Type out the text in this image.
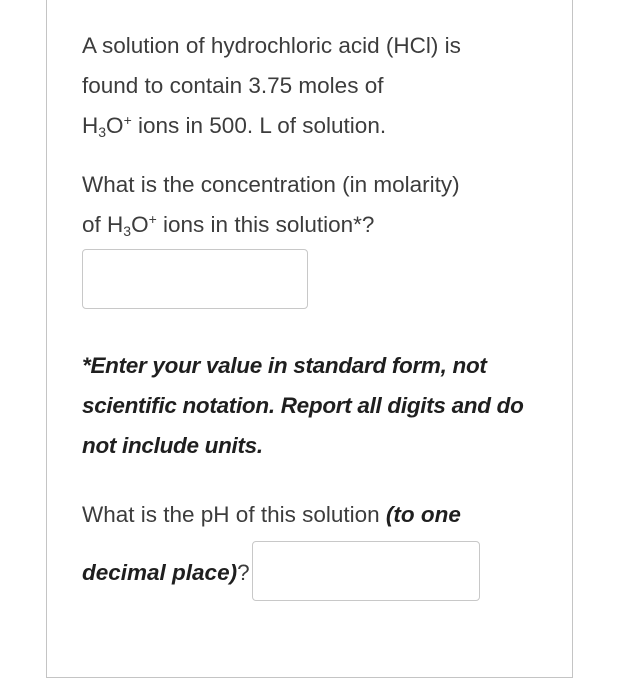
A solution of hydrochloric acid (HCl) is
found to contain 3.75 moles of
$H_3O^+$ ions in 500. L of solution.

What is the concentration (in molarity)
of $H_3O^+$ ions in this solution*?

*Enter your value in standard form, not scientific notation. Report all digits and do not include units.

What is the pH of this solution (to one
decimal place)?
